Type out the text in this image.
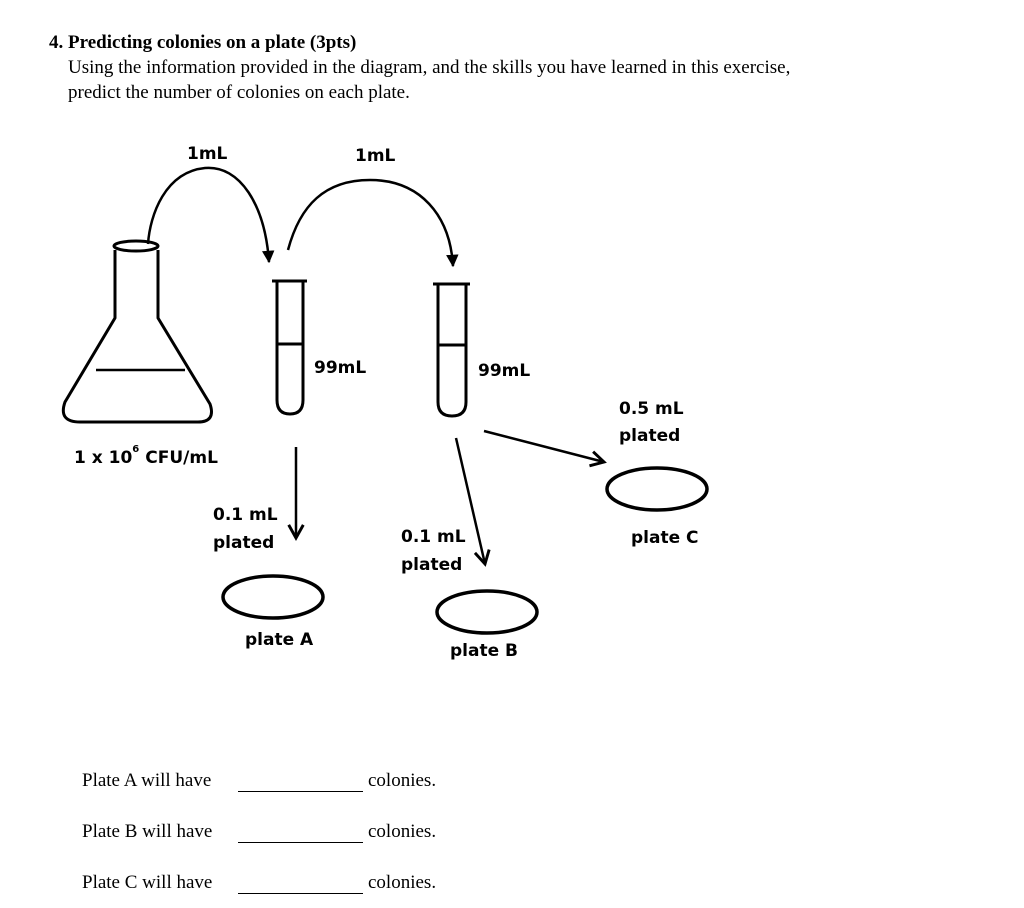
4. Predicting colonies on a plate (3pts)
Using the information provided in the diagram, and the skills you have learned in this exercise,
predict the number of colonies on each plate.
1mL	1mL
99mL	99mL
1 x $10^6$ CFU/mL
0.1 mL
plated
plate A
0.1 mL
plated
plate B
0.5 mL
plated
plate C
Plate A will have	colonies.
Plate B will have	colonies.
Plate C will have	colonies.
